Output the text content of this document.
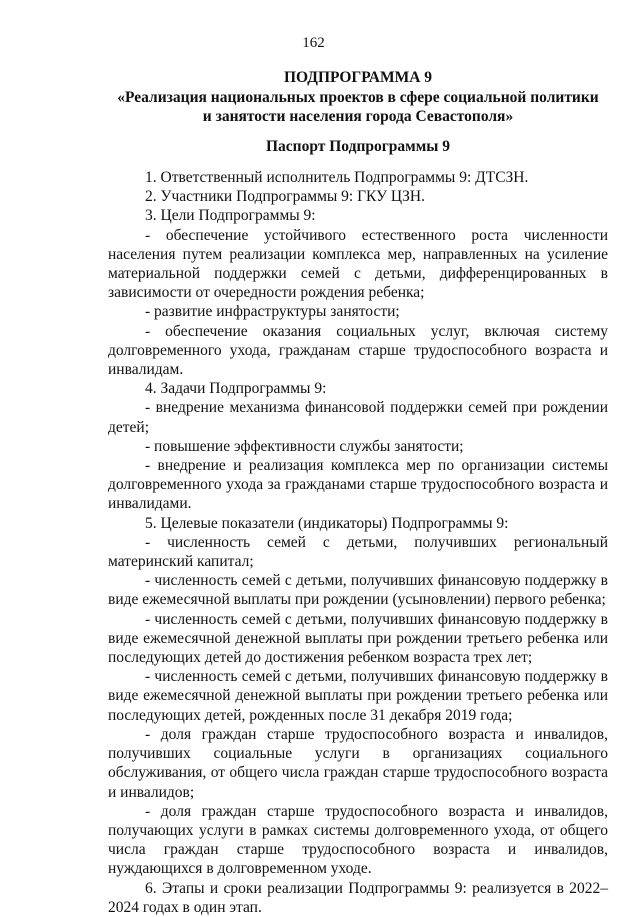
162
ПОДПРОГРАММА 9
«Реализация национальных проектов в сфере социальной политики
и занятости населения города Севастополя»
Паспорт Подпрограммы 9

1. Ответственный исполнитель Подпрограммы 9: ДТСЗН.

2. Участники Подпрограммы 9: ГКУ ЦЗН.

3. Цели Подпрограммы 9:

- обеспечение устойчивого естественного роста численности населения путем реализации комплекса мер, направленных на усиление материальной поддержки семей с детьми, дифференцированных в зависимости от очередности рождения ребенка;

- развитие инфраструктуры занятости;

- обеспечение оказания социальных услуг, включая систему долговременного ухода, гражданам старше трудоспособного возраста и инвалидам.

4. Задачи Подпрограммы 9:

- внедрение механизма финансовой поддержки семей при рождении детей;

- повышение эффективности службы занятости;

- внедрение и реализация комплекса мер по организации системы долговременного ухода за гражданами старше трудоспособного возраста и инвалидами.

5. Целевые показатели (индикаторы) Подпрограммы 9:

- численность семей с детьми, получивших региональный материнский капитал;

- численность семей с детьми, получивших финансовую поддержку в виде ежемесячной выплаты при рождении (усыновлении) первого ребенка;

- численность семей с детьми, получивших финансовую поддержку в виде ежемесячной денежной выплаты при рождении третьего ребенка или последующих детей до достижения ребенком возраста трех лет;

- численность семей с детьми, получивших финансовую поддержку в виде ежемесячной денежной выплаты при рождении третьего ребенка или последующих детей, рожденных после 31 декабря 2019 года;

- доля граждан старше трудоспособного возраста и инвалидов, получивших социальные услуги в организациях социального обслуживания, от общего числа граждан старше трудоспособного возраста и инвалидов;

- доля граждан старше трудоспособного возраста и инвалидов, получающих услуги в рамках системы долговременного ухода, от общего числа граждан старше трудоспособного возраста и инвалидов, нуждающихся в долговременном уходе.

6. Этапы и сроки реализации Подпрограммы 9: реализуется в 2022–2024 годах в один этап.
